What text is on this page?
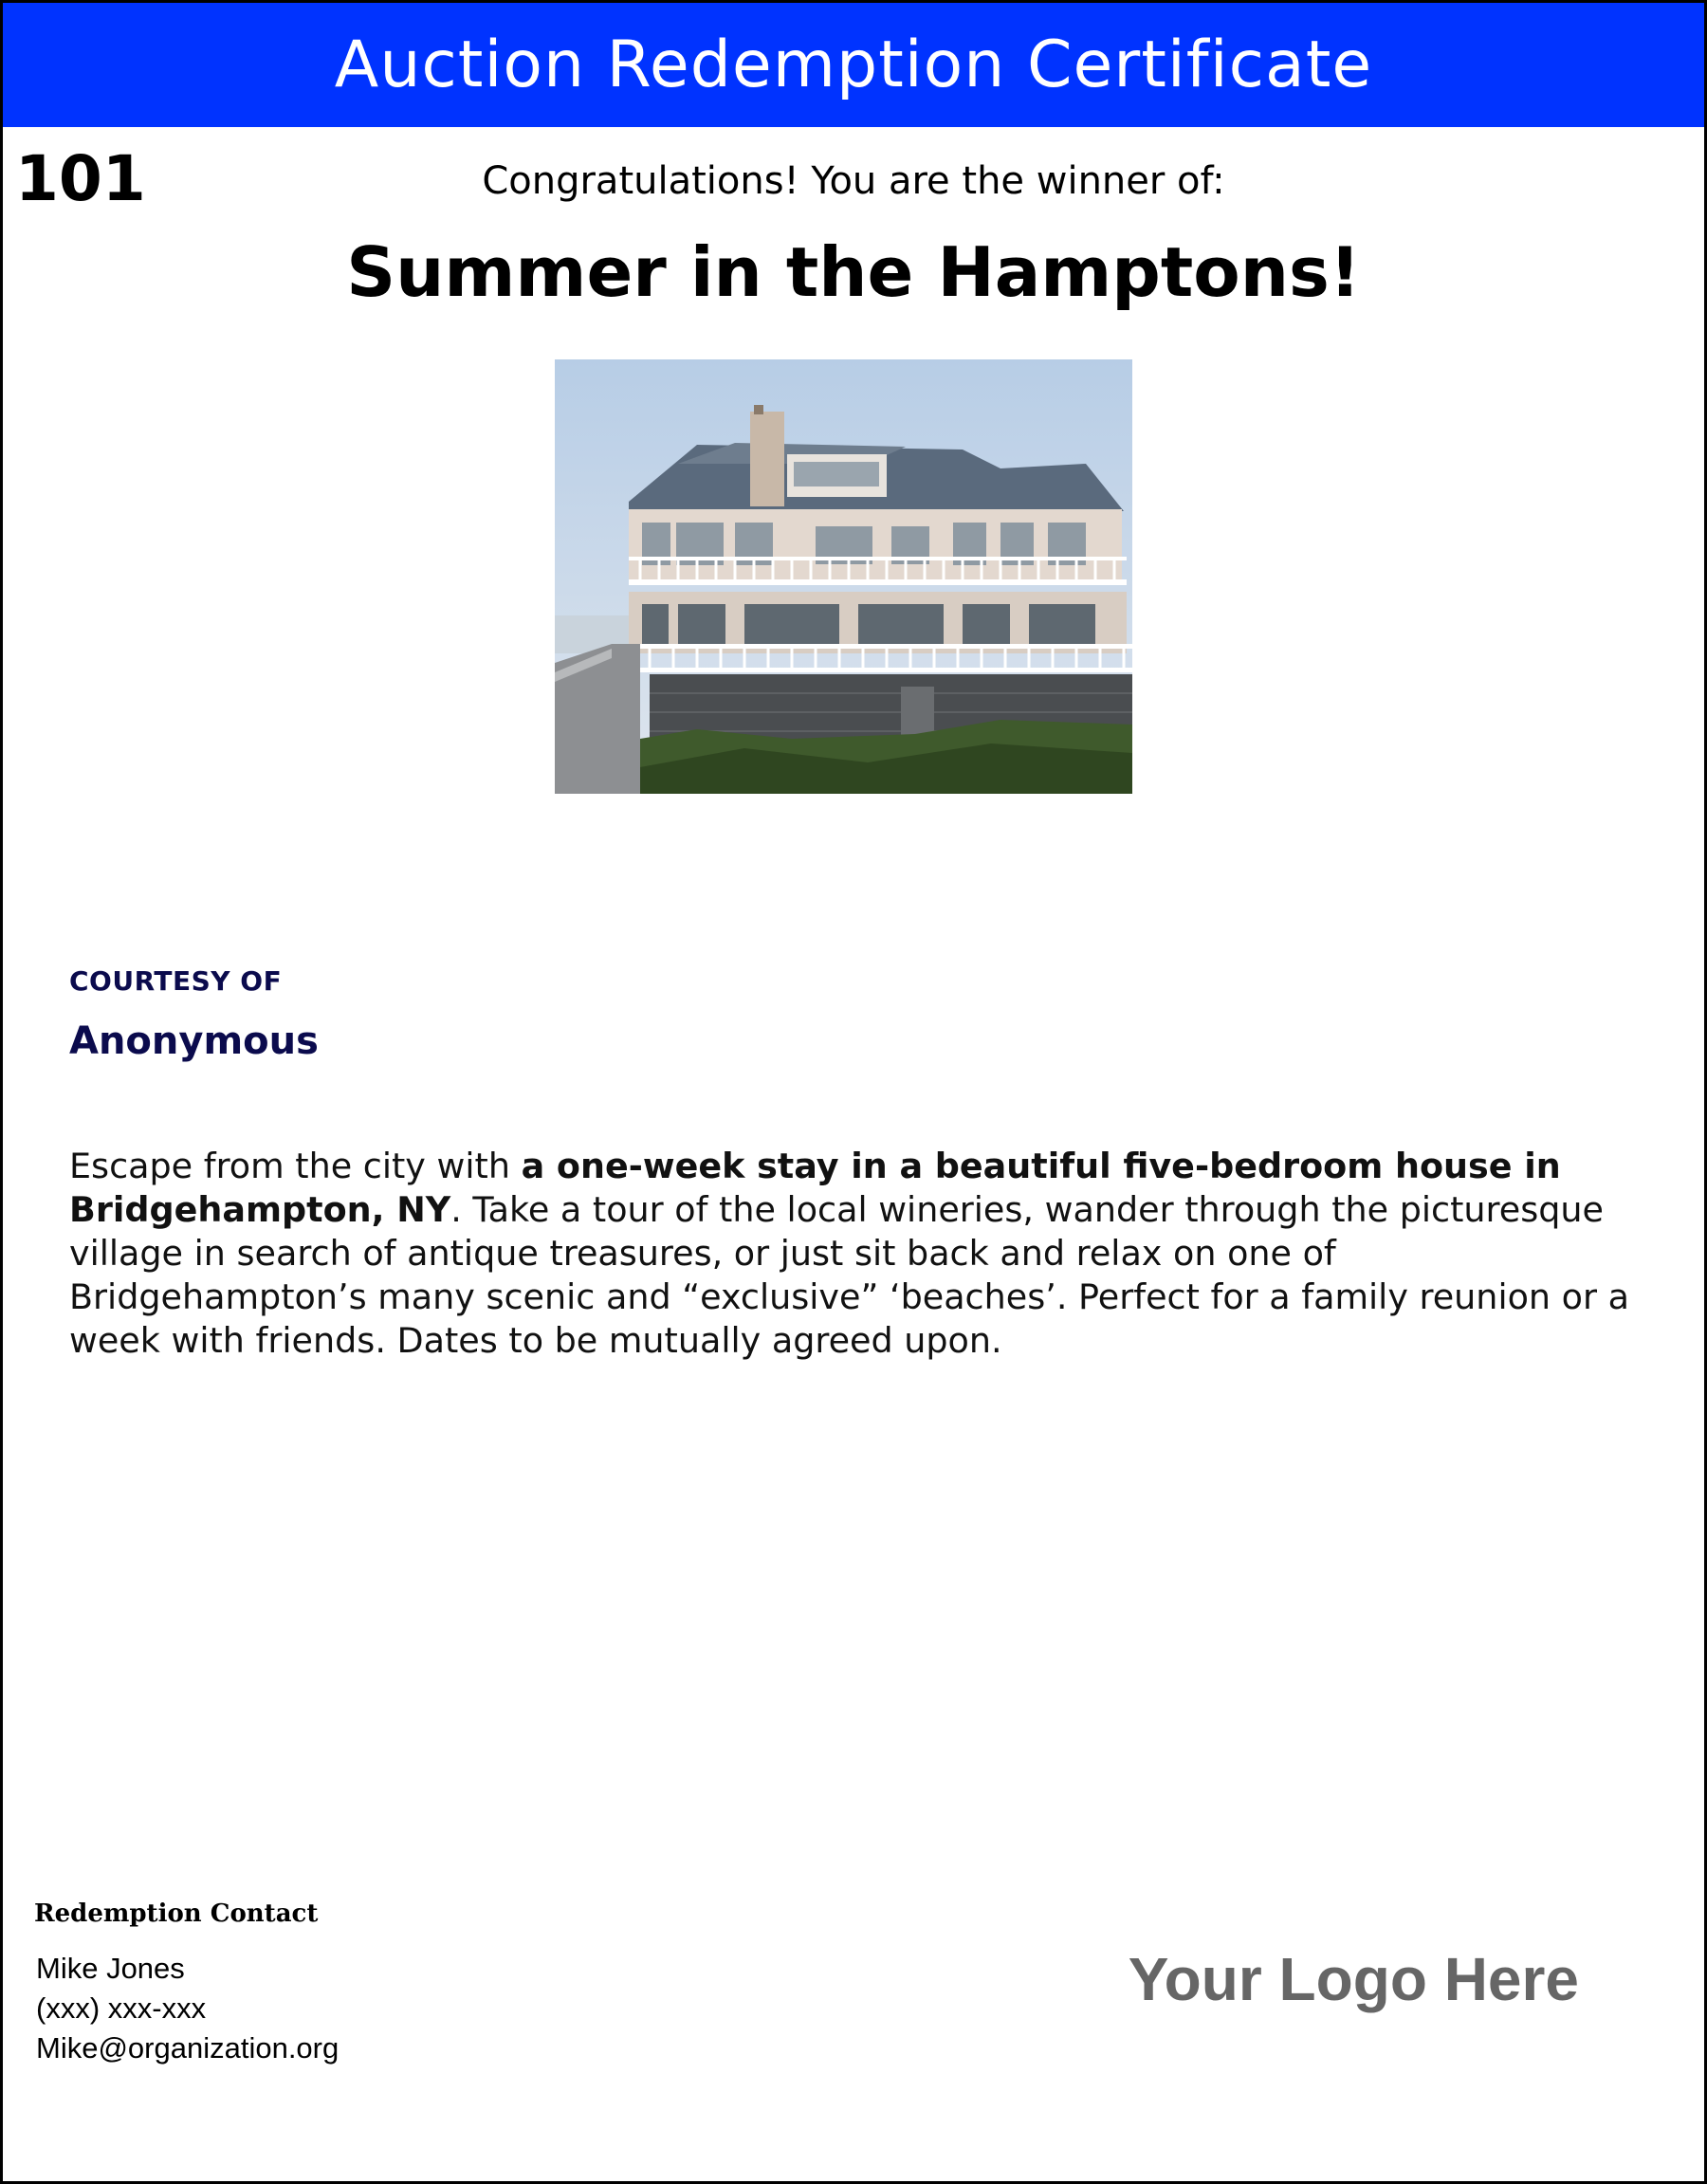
Auction Redemption Certificate
101	Congratulations! You are the winner of:
Summer in the Hamptons!
COURTESY OF
Anonymous
Escape from the city with a one-week stay in a beautiful five-bedroom house in Bridgehampton, NY. Take a tour of the local wineries, wander through the picturesque village in search of antique treasures, or just sit back and relax on one of Bridgehampton’s many scenic and “exclusive” ‘beaches’. Perfect for a family reunion or a week with friends. Dates to be mutually agreed upon.
Redemption Contact
Mike Jones
(xxx) xxx-xxx
Mike@organization.org
Your Logo Here
